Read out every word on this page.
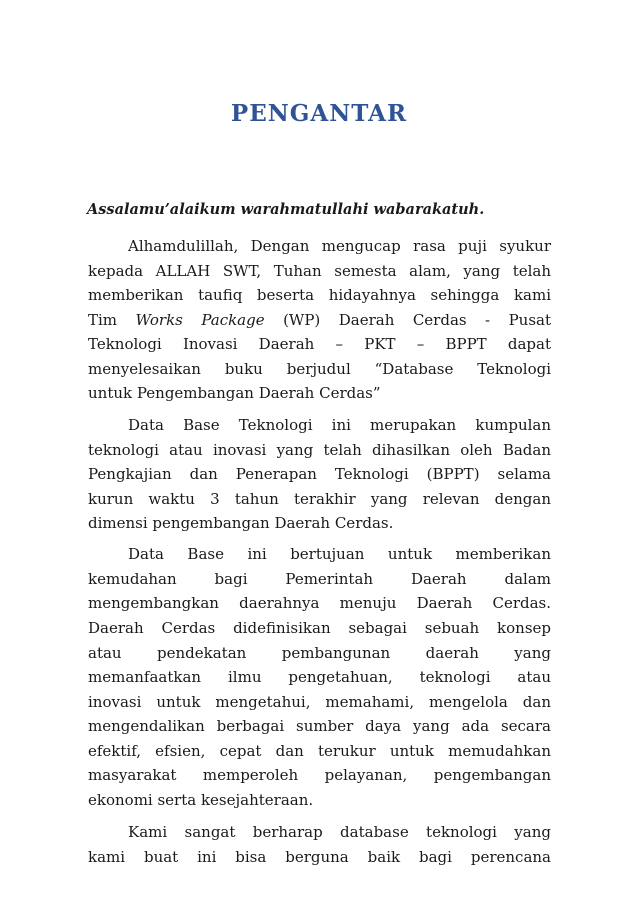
PENGANTAR
Assalamu’alaikum warahmatullahi wabarakatuh.
Alhamdulillah, Dengan mengucap rasa puji syukur
kepada ALLAH SWT, Tuhan semesta alam, yang telah
memberikan taufiq beserta hidayahnya sehingga kami
Tim Works Package (WP) Daerah Cerdas - Pusat
Teknologi Inovasi Daerah – PKT – BPPT dapat
menyelesaikan buku berjudul “Database Teknologi
untuk Pengembangan Daerah Cerdas”
Data Base Teknologi ini merupakan kumpulan
teknologi atau inovasi yang telah dihasilkan oleh Badan
Pengkajian dan Penerapan Teknologi (BPPT) selama
kurun waktu 3 tahun terakhir yang relevan dengan
dimensi pengembangan Daerah Cerdas.
Data Base ini bertujuan untuk memberikan
kemudahan bagi Pemerintah Daerah dalam
mengembangkan daerahnya menuju Daerah Cerdas.
Daerah Cerdas didefinisikan sebagai sebuah konsep
atau pendekatan pembangunan daerah yang
memanfaatkan ilmu pengetahuan, teknologi atau
inovasi untuk mengetahui, memahami, mengelola dan
mengendalikan berbagai sumber daya yang ada secara
efektif, efsien, cepat dan terukur untuk memudahkan
masyarakat memperoleh pelayanan, pengembangan
ekonomi serta kesejahteraan.
Kami sangat berharap database teknologi yang
kami buat ini bisa berguna baik bagi perencana
